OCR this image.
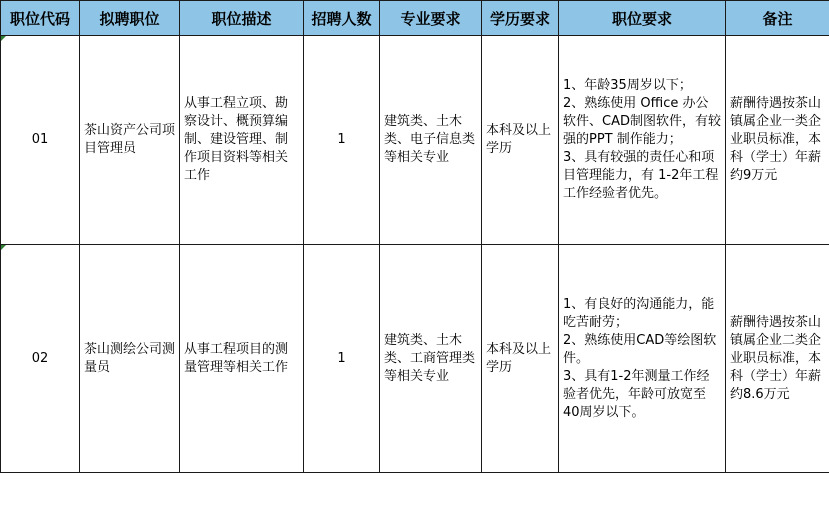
职位代码	拟聘职位	职位描述	招聘人数	专业要求	学历要求	职位要求	备注
01	茶山资产公司项目管理员	从事工程立项、勘察设计、概预算编制、建设管理、制作项目资料等相关工作	1	建筑类、土木类、电子信息类等相关专业	本科及以上学历	1、年龄35周岁以下；
2、熟练使用 Office 办公软件、CAD制图软件，有较强的PPT 制作能力；
3、具有较强的责任心和项目管理能力，有 1-2年工程工作经验者优先。	薪酬待遇按茶山镇属企业一类企业职员标准，本科（学士）年薪约9万元
02	茶山测绘公司测量员	从事工程项目的测量管理等相关工作	1	建筑类、土木类、工商管理类等相关专业	本科及以上学历	1、有良好的沟通能力，能吃苦耐劳；
2、熟练使用CAD等绘图软件。
3、具有1-2年测量工作经验者优先，年龄可放宽至40周岁以下。	薪酬待遇按茶山镇属企业二类企业职员标准，本科（学士）年薪约8.6万元
